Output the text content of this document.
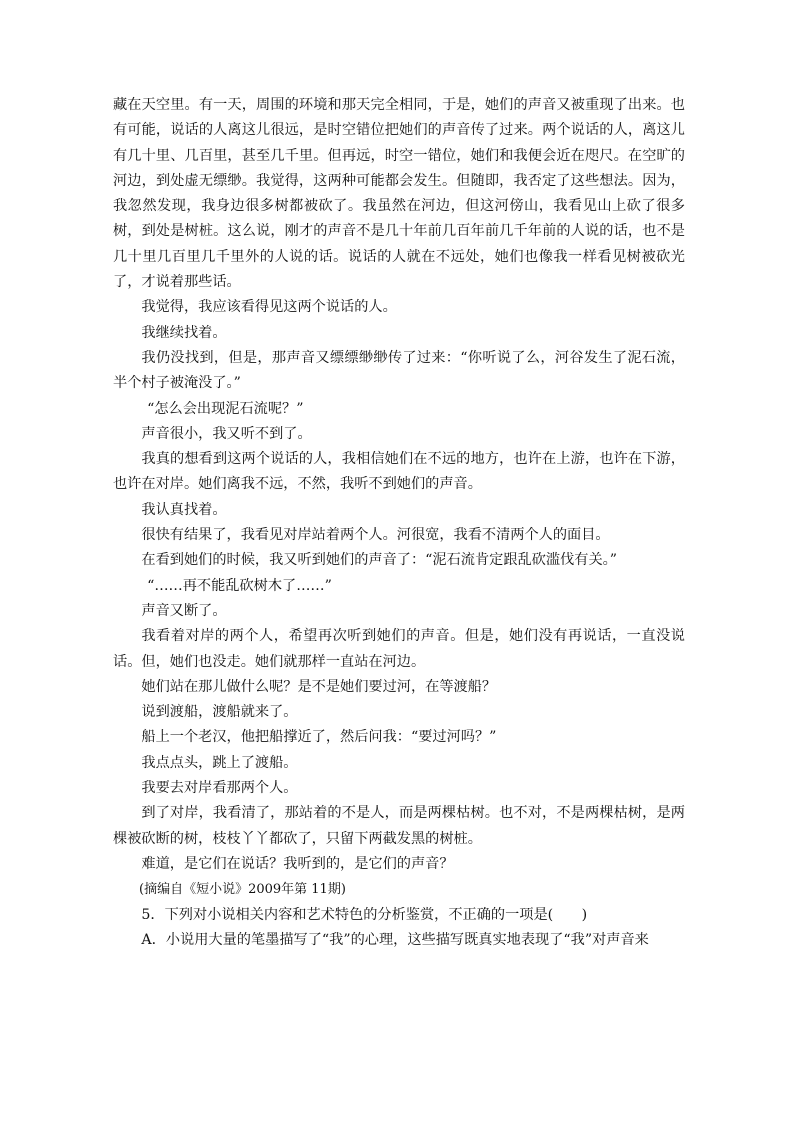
藏在天空里。有一天，周围的环境和那天完全相同，于是，她们的声音又被重现了出来。也有可能，说话的人离这儿很远，是时空错位把她们的声音传了过来。两个说话的人，离这儿有几十里、几百里，甚至几千里。但再远，时空一错位，她们和我便会近在咫尺。在空旷的河边，到处虚无缥缈。我觉得，这两种可能都会发生。但随即，我否定了这些想法。因为，我忽然发现，我身边很多树都被砍了。我虽然在河边，但这河傍山，我看见山上砍了很多树，到处是树桩。这么说，刚才的声音不是几十年前几百年前几千年前的人说的话，也不是几十里几百里几千里外的人说的话。说话的人就在不远处，她们也像我一样看见树被砍光了，才说着那些话。

我觉得，我应该看得见这两个说话的人。

我继续找着。

我仍没找到，但是，那声音又缥缥缈缈传了过来：“你听说了么，河谷发生了泥石流，半个村子被淹没了。”

“怎么会出现泥石流呢？”

声音很小，我又听不到了。

我真的想看到这两个说话的人，我相信她们在不远的地方，也许在上游，也许在下游，也许在对岸。她们离我不远，不然，我听不到她们的声音。

我认真找着。

很快有结果了，我看见对岸站着两个人。河很宽，我看不清两个人的面目。

在看到她们的时候，我又听到她们的声音了：“泥石流肯定跟乱砍滥伐有关。”

“……再不能乱砍树木了……”

声音又断了。

我看着对岸的两个人，希望再次听到她们的声音。但是，她们没有再说话，一直没说话。但，她们也没走。她们就那样一直站在河边。

她们站在那儿做什么呢？是不是她们要过河，在等渡船？

说到渡船，渡船就来了。

船上一个老汉，他把船撑近了，然后问我：“要过河吗？”

我点点头，跳上了渡船。

我要去对岸看那两个人。

到了对岸，我看清了，那站着的不是人，而是两棵枯树。也不对，不是两棵枯树，是两棵被砍断的树，枝枝丫丫都砍了，只留下两截发黑的树桩。

难道，是它们在说话？我听到的，是它们的声音？

(摘编自《短小说》2009年第 11期)

5．下列对小说相关内容和艺术特色的分析鉴赏，不正确的一项是(　　)

A．小说用大量的笔墨描写了“我”的心理，这些描写既真实地表现了“我”对声音来
